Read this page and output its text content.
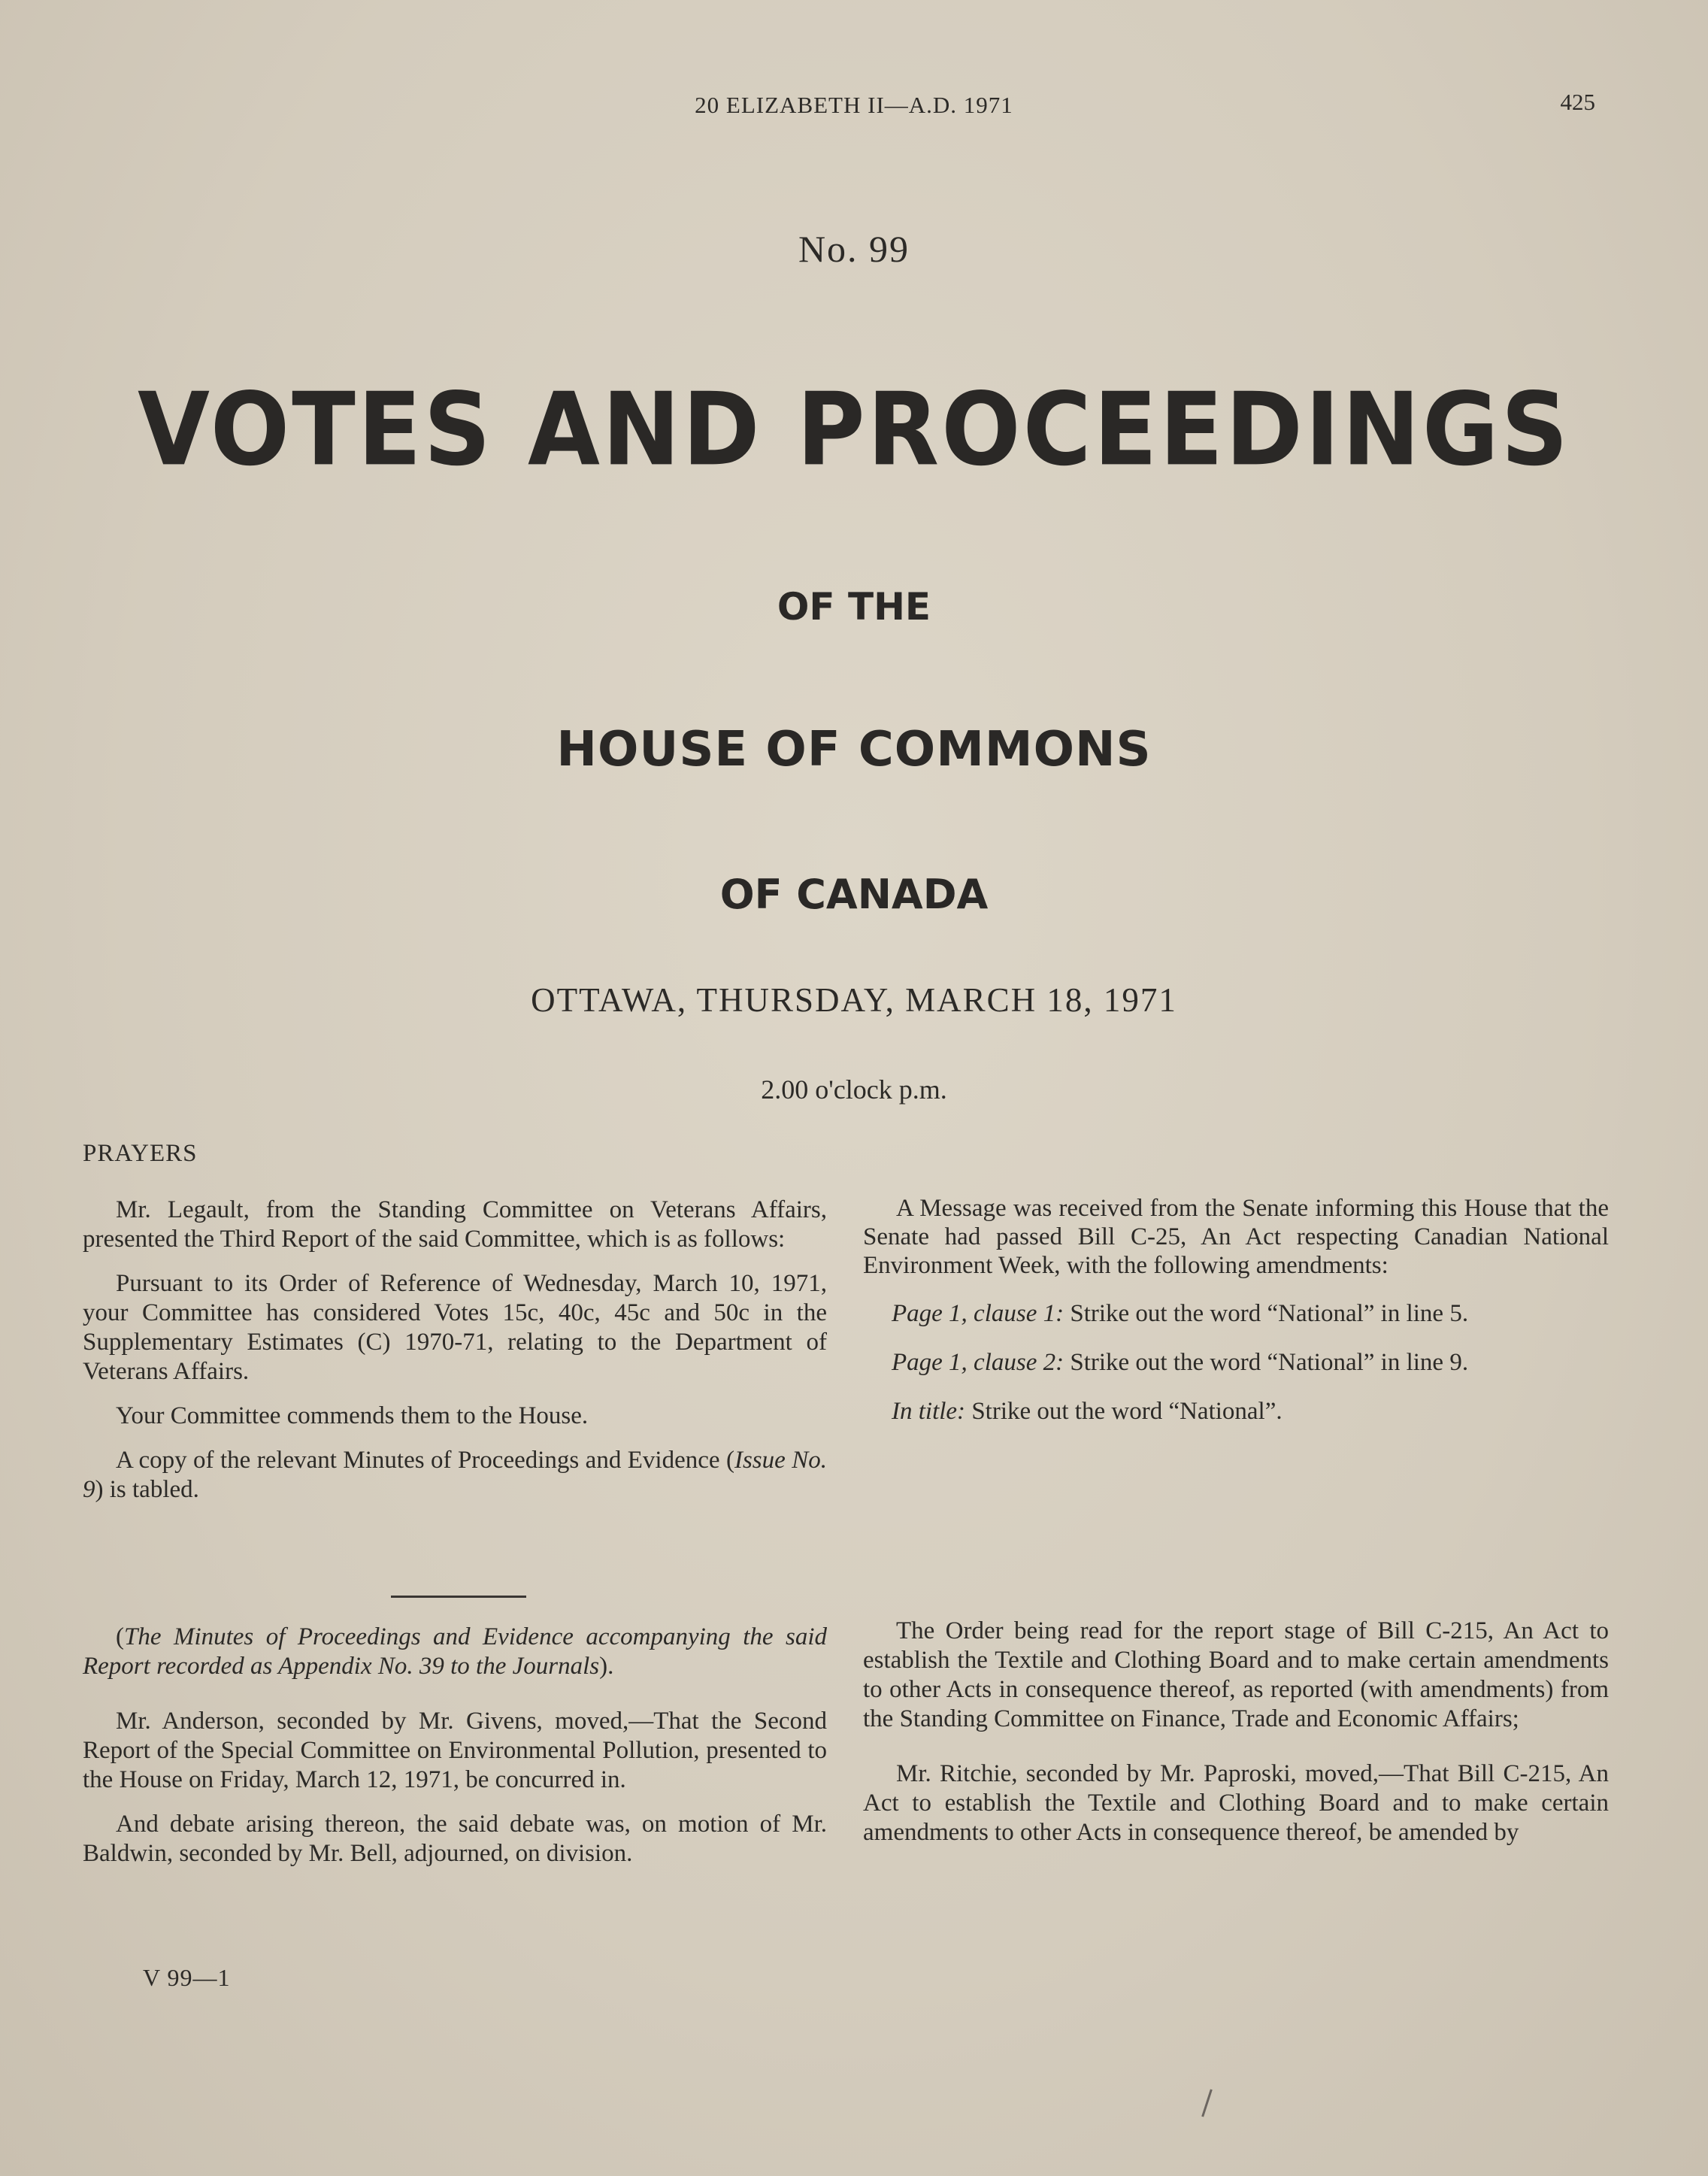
20 ELIZABETH II—A.D. 1971	425
No. 99
VOTES AND PROCEEDINGS
OF THE
HOUSE OF COMMONS
OF CANADA
OTTAWA, THURSDAY, MARCH 18, 1971
2.00 o'clock p.m.
PRAYERS

Mr. Legault, from the Standing Committee on Veterans Affairs, presented the Third Report of the said Committee, which is as follows:

Pursuant to its Order of Reference of Wednesday, March 10, 1971, your Committee has considered Votes 15c, 40c, 45c and 50c in the Supplementary Estimates (C) 1970-71, relating to the Department of Veterans Affairs.

Your Committee commends them to the House.

A copy of the relevant Minutes of Proceedings and Evidence (Issue No. 9) is tabled.

(The Minutes of Proceedings and Evidence accompanying the said Report recorded as Appendix No. 39 to the Journals).

Mr. Anderson, seconded by Mr. Givens, moved,—That the Second Report of the Special Committee on Environmental Pollution, presented to the House on Friday, March 12, 1971, be concurred in.

And debate arising thereon, the said debate was, on motion of Mr. Baldwin, seconded by Mr. Bell, adjourned, on division.

V 99—1

A Message was received from the Senate informing this House that the Senate had passed Bill C-25, An Act respecting Canadian National Environment Week, with the following amendments:

Page 1, clause 1: Strike out the word “National” in line 5.

Page 1, clause 2: Strike out the word “National” in line 9.

In title: Strike out the word “National”.

The Order being read for the report stage of Bill C-215, An Act to establish the Textile and Clothing Board and to make certain amendments to other Acts in consequence thereof, as reported (with amendments) from the Standing Committee on Finance, Trade and Economic Affairs;

Mr. Ritchie, seconded by Mr. Paproski, moved,—That Bill C-215, An Act to establish the Textile and Clothing Board and to make certain amendments to other Acts in consequence thereof, be amended by
